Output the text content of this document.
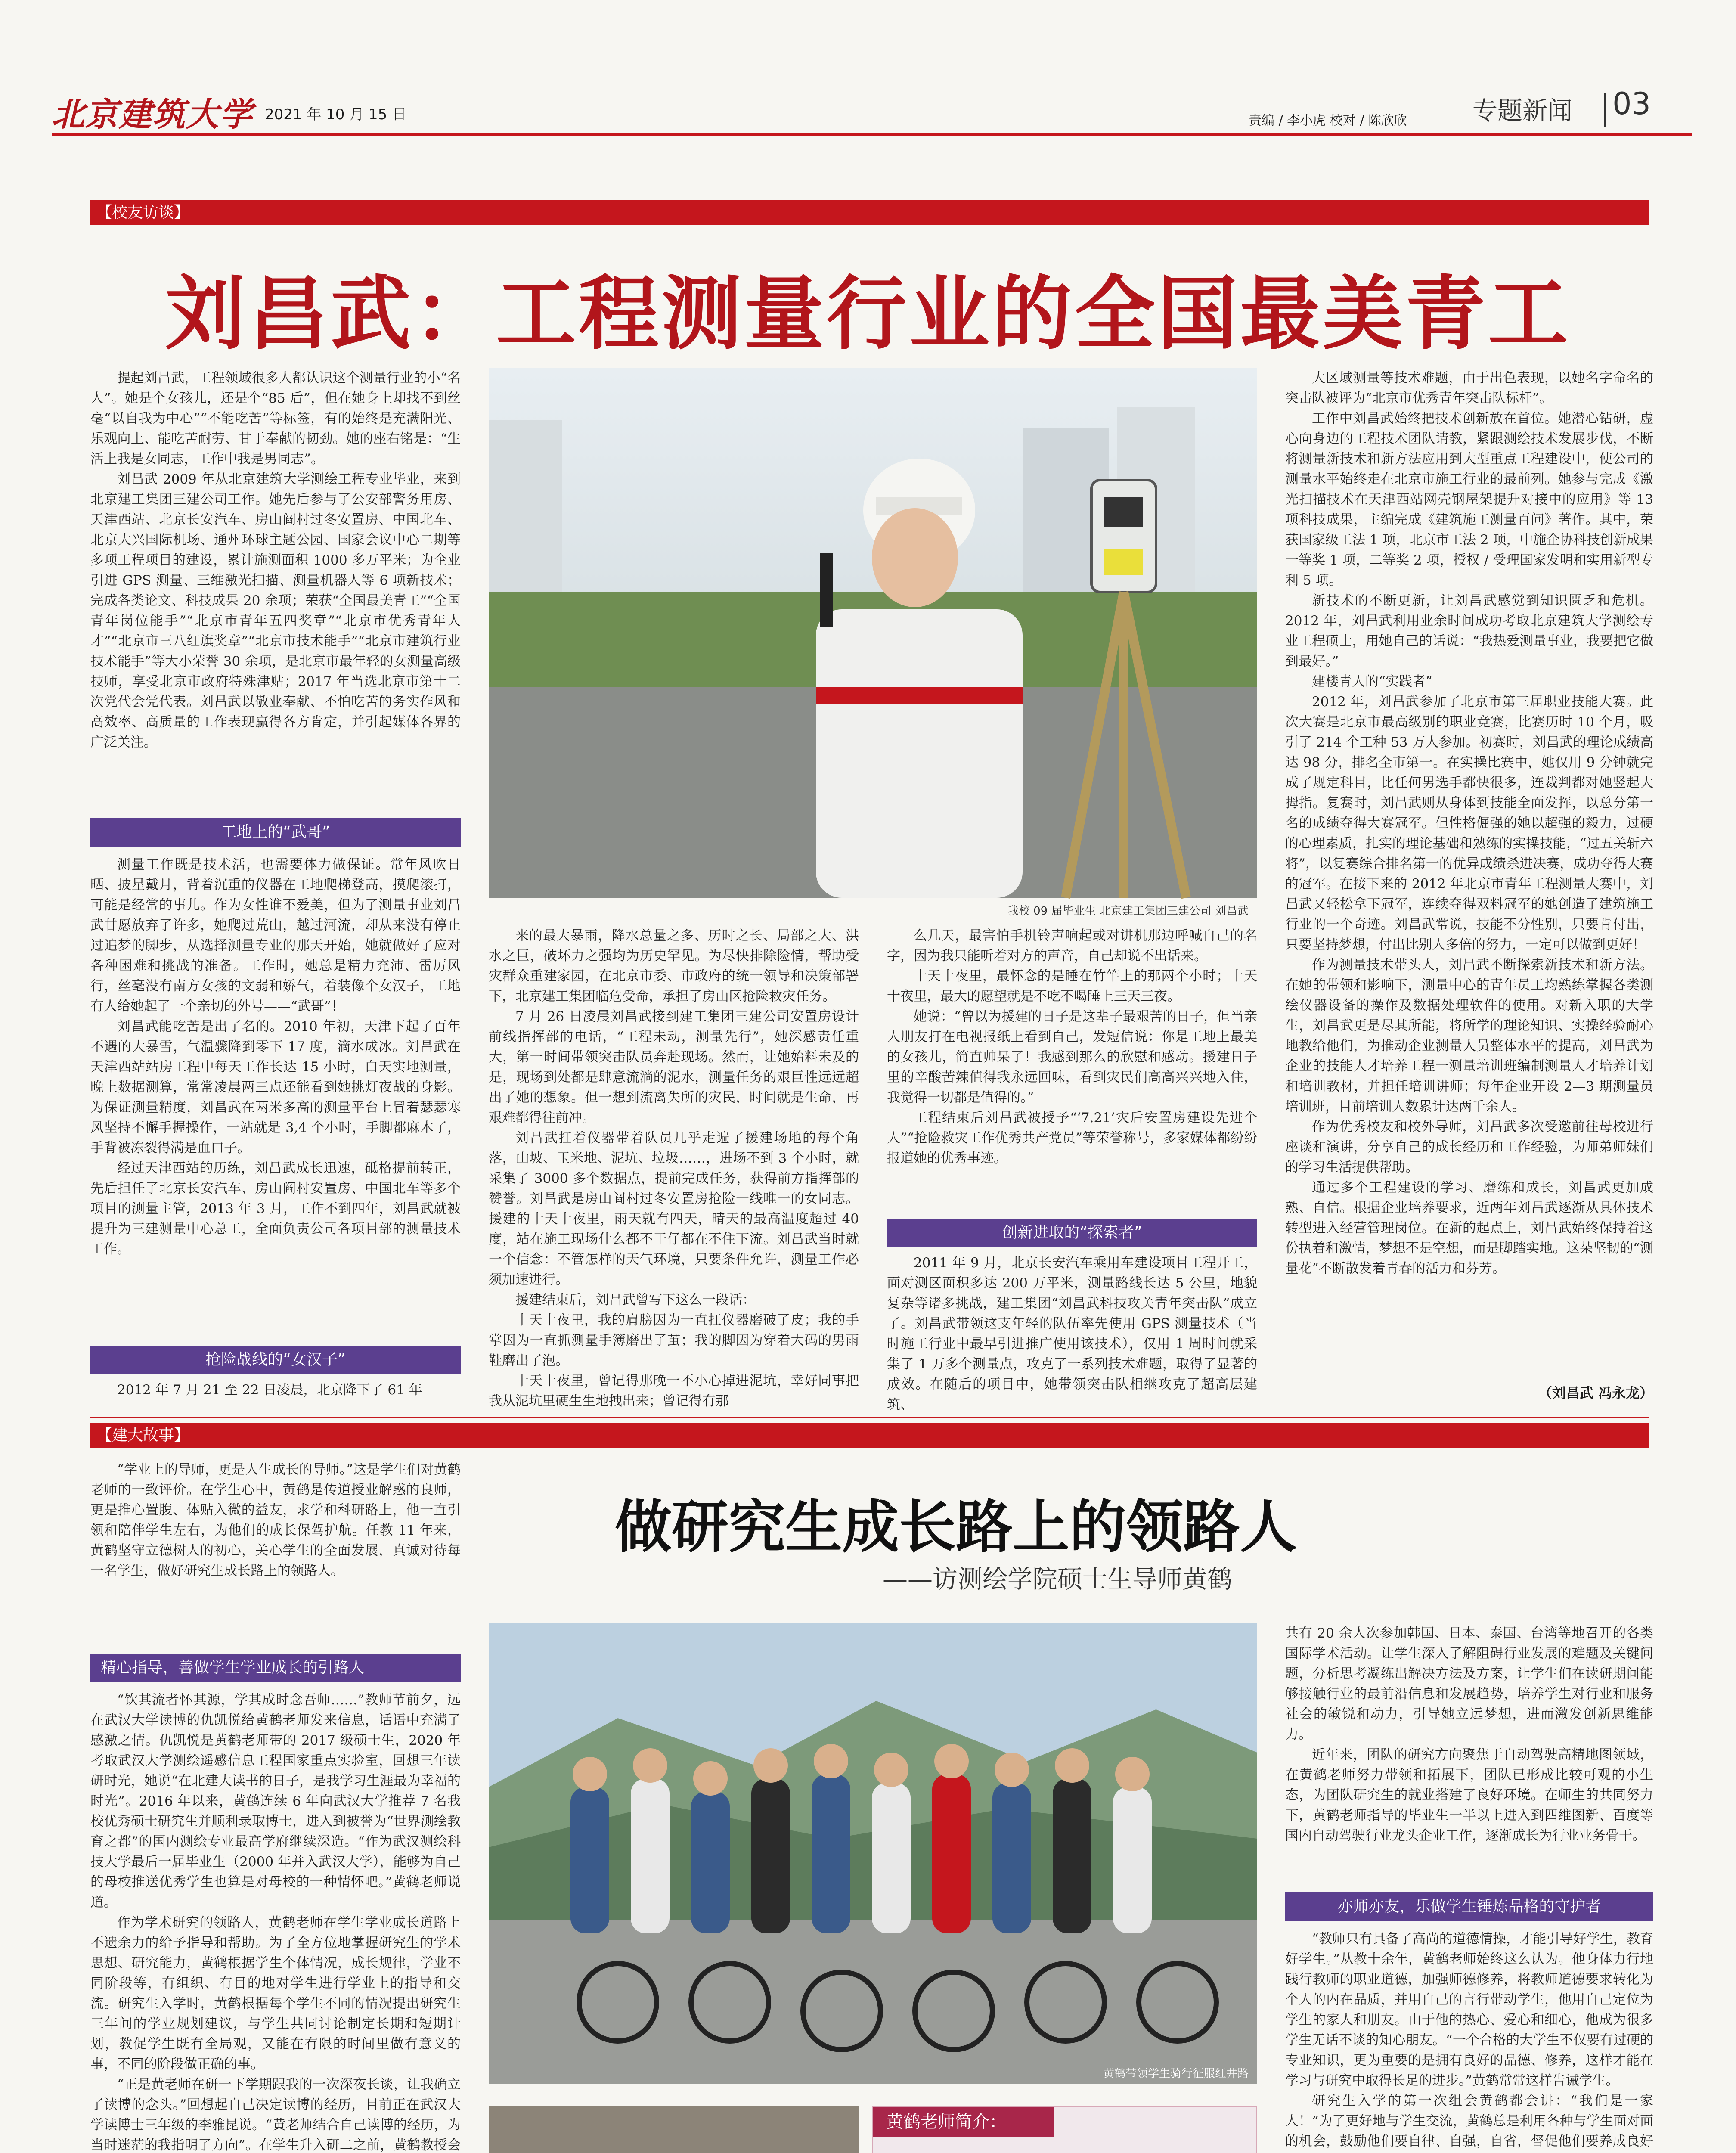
北京建筑大学 2021 年 10 月 15 日	责编 / 李小虎 校对 / 陈欣欣	专题新闻 03
【校友访谈】
刘昌武：工程测量行业的全国最美青工

提起刘昌武，工程领域很多人都认识这个测量行业的小“名人”。她是个女孩儿，还是个“85 后”，但在她身上却找不到丝毫“以自我为中心”“不能吃苦”等标签，有的始终是充满阳光、乐观向上、能吃苦耐劳、甘于奉献的韧劲。她的座右铭是：“生活上我是女同志，工作中我是男同志”。

刘昌武 2009 年从北京建筑大学测绘工程专业毕业，来到北京建工集团三建公司工作。她先后参与了公安部警务用房、天津西站、北京长安汽车、房山阎村过冬安置房、中国北车、北京大兴国际机场、通州环球主题公园、国家会议中心二期等多项工程项目的建设，累计施测面积 1000 多万平米；为企业引进 GPS 测量、三维激光扫描、测量机器人等 6 项新技术；完成各类论文、科技成果 20 余项；荣获“全国最美青工”“全国青年岗位能手”“北京市青年五四奖章”“北京市优秀青年人才”“北京市三八红旗奖章”“北京市技术能手”“北京市建筑行业技术能手”等大小荣誉 30 余项，是北京市最年轻的女测量高级技师，享受北京市政府特殊津贴；2017 年当选北京市第十二次党代会党代表。刘昌武以敬业奉献、不怕吃苦的务实作风和高效率、高质量的工作表现赢得各方肯定，并引起媒体各界的广泛关注。

工地上的“武哥”

测量工作既是技术活，也需要体力做保证。常年风吹日晒、披星戴月，背着沉重的仪器在工地爬梯登高，摸爬滚打，可能是经常的事儿。作为女性谁不爱美，但为了测量事业刘昌武甘愿放弃了许多，她爬过荒山，越过河流，却从来没有停止过追梦的脚步，从选择测量专业的那天开始，她就做好了应对各种困难和挑战的准备。工作时，她总是精力充沛、雷厉风行，丝毫没有南方女孩的文弱和娇气，着装像个女汉子，工地有人给她起了一个亲切的外号——“武哥”！

刘昌武能吃苦是出了名的。2010 年初，天津下起了百年不遇的大暴雪，气温骤降到零下 17 度，滴水成冰。刘昌武在天津西站站房工程中每天工作长达 15 小时，白天实地测量，晚上数据测算，常常凌晨两三点还能看到她挑灯夜战的身影。为保证测量精度，刘昌武在两米多高的测量平台上冒着瑟瑟寒风坚持不懈手握操作，一站就是 3,4 个小时，手脚都麻木了，手背被冻裂得满是血口子。

经过天津西站的历练，刘昌武成长迅速，砥格提前转正，先后担任了北京长安汽车、房山阎村安置房、中国北车等多个项目的测量主管，2013 年 3 月，工作不到四年，刘昌武就被提升为三建测量中心总工，全面负责公司各项目部的测量技术工作。

抢险战线的“女汉子”

2012 年 7 月 21 至 22 日凌晨，北京降下了 61 年

我校 09 届毕业生 北京建工集团三建公司 刘昌武

来的最大暴雨，降水总量之多、历时之长、局部之大、洪水之巨，破坏力之强均为历史罕见。为尽快排除险情，帮助受灾群众重建家园，在北京市委、市政府的统一领导和决策部署下，北京建工集团临危受命，承担了房山区抢险救灾任务。

7 月 26 日凌晨刘昌武接到建工集团三建公司安置房设计前线指挥部的电话，“工程未动，测量先行”，她深感责任重大，第一时间带领突击队员奔赴现场。然而，让她始料未及的是，现场到处都是肆意流淌的泥水，测量任务的艰巨性远远超出了她的想象。但一想到流离失所的灾民，时间就是生命，再艰难都得往前冲。

刘昌武扛着仪器带着队员几乎走遍了援建场地的每个角落，山坡、玉米地、泥坑、垃圾……，进场不到 3 个小时，就采集了 3000 多个数据点，提前完成任务，获得前方指挥部的赞誉。刘昌武是房山阎村过冬安置房抢险一线唯一的女同志。援建的十天十夜里，雨天就有四天，晴天的最高温度超过 40 度，站在施工现场什么都不干仔都在不住下流。刘昌武当时就一个信念：不管怎样的天气环境，只要条件允许，测量工作必须加速进行。

援建结束后，刘昌武曾写下这么一段话：

十天十夜里，我的肩膀因为一直扛仪器磨破了皮；我的手掌因为一直抓测量手簿磨出了茧；我的脚因为穿着大码的男雨鞋磨出了泡。

十天十夜里，曾记得那晚一不小心掉进泥坑，幸好同事把我从泥坑里硬生生地拽出来；曾记得有那

么几天，最害怕手机铃声响起或对讲机那边呼喊自己的名字，因为我只能听着对方的声音，自己却说不出话来。

十天十夜里，最怀念的是睡在竹竿上的那两个小时；十天十夜里，最大的愿望就是不吃不喝睡上三天三夜。

她说：“曾以为援建的日子是这辈子最艰苦的日子，但当亲人朋友打在电视报纸上看到自己，发短信说：你是工地上最美的女孩儿，简直帅呆了！我感到那么的欣慰和感动。援建日子里的辛酸苦辣值得我永远回味，看到灾民们高高兴兴地入住，我觉得一切都是值得的。”

工程结束后刘昌武被授予“‘7.21’灾后安置房建设先进个人”“抢险救灾工作优秀共产党员”等荣誉称号，多家媒体都纷纷报道她的优秀事迹。

创新进取的“探索者”

2011 年 9 月，北京长安汽车乘用车建设项目工程开工，面对测区面积多达 200 万平米，测量路线长达 5 公里，地貌复杂等诸多挑战，建工集团“刘昌武科技攻关青年突击队”成立了。刘昌武带领这支年轻的队伍率先使用 GPS 测量技术（当时施工行业中最早引进推广使用该技术），仅用 1 周时间就采集了 1 万多个测量点，攻克了一系列技术难题，取得了显著的成效。在随后的项目中，她带领突击队相继攻克了超高层建筑、

大区域测量等技术难题，由于出色表现，以她名字命名的突击队被评为“北京市优秀青年突击队标杆”。

工作中刘昌武始终把技术创新放在首位。她潜心钻研，虚心向身边的工程技术团队请教，紧跟测绘技术发展步伐，不断将测量新技术和新方法应用到大型重点工程建设中，使公司的测量水平始终走在北京市施工行业的最前列。她参与完成《激光扫描技术在天津西站网壳钢屋架提升对接中的应用》等 13 项科技成果，主编完成《建筑施工测量百问》著作。其中，荣获国家级工法 1 项，北京市工法 2 项，中施企协科技创新成果一等奖 1 项，二等奖 2 项，授权 / 受理国家发明和实用新型专利 5 项。

新技术的不断更新，让刘昌武感觉到知识匮乏和危机。2012 年，刘昌武利用业余时间成功考取北京建筑大学测绘专业工程硕士，用她自己的话说：“我热爱测量事业，我要把它做到最好。”

建楼青人的“实践者”

2012 年，刘昌武参加了北京市第三届职业技能大赛。此次大赛是北京市最高级别的职业竞赛，比赛历时 10 个月，吸引了 214 个工种 53 万人参加。初赛时，刘昌武的理论成绩高达 98 分，排名全市第一。在实操比赛中，她仅用 9 分钟就完成了规定科目，比任何男选手都快很多，连裁判都对她竖起大拇指。复赛时，刘昌武则从身体到技能全面发挥，以总分第一名的成绩夺得大赛冠军。但性格倔强的她以超强的毅力，过硬的心理素质，扎实的理论基础和熟练的实操技能，“过五关斩六将”，以复赛综合排名第一的优异成绩杀进决赛，成功夺得大赛的冠军。在接下来的 2012 年北京市青年工程测量大赛中，刘昌武又轻松拿下冠军，连续夺得双料冠军的她创造了建筑施工行业的一个奇迹。刘昌武常说，技能不分性别，只要肯付出，只要坚持梦想，付出比别人多倍的努力，一定可以做到更好！

作为测量技术带头人，刘昌武不断探索新技术和新方法。在她的带领和影响下，测量中心的青年员工均熟练掌握各类测绘仪器设备的操作及数据处理软件的使用。对新入职的大学生，刘昌武更是尽其所能，将所学的理论知识、实操经验耐心地教给他们，为推动企业测量人员整体水平的提高，刘昌武为企业的技能人才培养工程一测量培训班编制测量人才培养计划和培训教材，并担任培训讲师；每年企业开设 2—3 期测量员培训班，目前培训人数累计达两千余人。

作为优秀校友和校外导师，刘昌武多次受邀前往母校进行座谈和演讲，分享自己的成长经历和工作经验，为师弟师妹们的学习生活提供帮助。

通过多个工程建设的学习、磨练和成长，刘昌武更加成熟、自信。根据企业培养要求，近两年刘昌武逐渐从具体技术转型进入经营管理岗位。在新的起点上，刘昌武始终保持着这份执着和激情，梦想不是空想，而是脚踏实地。这朵坚韧的“测量花”不断散发着青春的活力和芬芳。

（刘昌武 冯永龙）
【建大故事】

“学业上的导师，更是人生成长的导师。”这是学生们对黄鹤老师的一致评价。在学生心中，黄鹤是传道授业解惑的良师，更是推心置腹、体贴入微的益友，求学和科研路上，他一直引领和陪伴学生左右，为他们的成长保驾护航。任教 11 年来，黄鹤坚守立德树人的初心，关心学生的全面发展，真诚对待每一名学生，做好研究生成长路上的领路人。

精心指导，善做学生学业成长的引路人

“饮其流者怀其源，学其成时念吾师……”教师节前夕，远在武汉大学读博的仇凯悦给黄鹤老师发来信息，话语中充满了感激之情。仇凯悦是黄鹤老师带的 2017 级硕士生，2020 年考取武汉大学测绘遥感信息工程国家重点实验室，回想三年读研时光，她说“在北建大读书的日子，是我学习生涯最为幸福的时光”。2016 年以来，黄鹤连续 6 年向武汉大学推荐 7 名我校优秀硕士研究生并顺利录取博士，进入到被誉为“世界测绘教育之都”的国内测绘专业最高学府继续深造。“作为武汉测绘科技大学最后一届毕业生（2000 年并入武汉大学），能够为自己的母校推送优秀学生也算是对母校的一种情怀吧。”黄鹤老师说道。

作为学术研究的领路人，黄鹤老师在学生学业成长道路上不遗余力的给予指导和帮助。为了全方位地掌握研究生的学术思想、研究能力，黄鹤根据学生个体情况，成长规律，学业不同阶段等，有组织、有目的地对学生进行学业上的指导和交流。研究生入学时，黄鹤根据每个学生不同的情况提出研究生三年间的学业规划建议，与学生共同讨论制定长期和短期计划，教促学生既有全局观，又能在有限的时间里做有意义的事，不同的阶段做正确的事。

“正是黄老师在研一下学期跟我的一次深夜长谈，让我确立了读博的念头。”回想起自己决定读博的经历，目前正在武汉大学读博士三年级的李雅昆说。“黄老师结合自己读博的经历，为当时迷茫的我指明了方向”。在学生升入研二之前，黄鹤教授会

做研究生成长路上的领路人
——访测绘学院硕士生导师黄鹤
黄鹤带领学生骑行征服红井路
黄鹤老师简介：

共有 20 余人次参加韩国、日本、泰国、台湾等地召开的各类国际学术活动。让学生深入了解阻碍行业发展的难题及关键问题，分析思考凝练出解决方法及方案，让学生们在读研期间能够接触行业的最前沿信息和发展趋势，培养学生对行业和服务社会的敏锐和动力，引导她立远梦想，进而激发创新思维能力。

近年来，团队的研究方向聚焦于自动驾驶高精地图领域，在黄鹤老师努力带领和拓展下，团队已形成比较可观的小生态，为团队研究生的就业搭建了良好环境。在师生的共同努力下，黄鹤老师指导的毕业生一半以上进入到四维图新、百度等国内自动驾驶行业龙头企业工作，逐渐成长为行业业务骨干。

亦师亦友，乐做学生锤炼品格的守护者

“教师只有具备了高尚的道德情操，才能引导好学生，教育好学生。”从教十余年，黄鹤老师始终这么认为。他身体力行地践行教师的职业道德，加强师德修养，将教师道德要求转化为个人的内在品质，并用自己的言行带动学生，他用自己定位为学生的家人和朋友。由于他的热心、爱心和细心，他成为很多学生无话不谈的知心朋友。“一个合格的大学生不仅要有过硬的专业知识，更为重要的是拥有良好的品德、修养，这样才能在学习与研究中取得长足的进步。”黄鹤常常这样告诫学生。

研究生入学的第一次组会黄鹤都会讲：“我们是一家人！”为了更好地与学生交流，黄鹤总是利用各种与学生面对面的机会，鼓励他们要自律、自强，自省，督促他们要养成良好
